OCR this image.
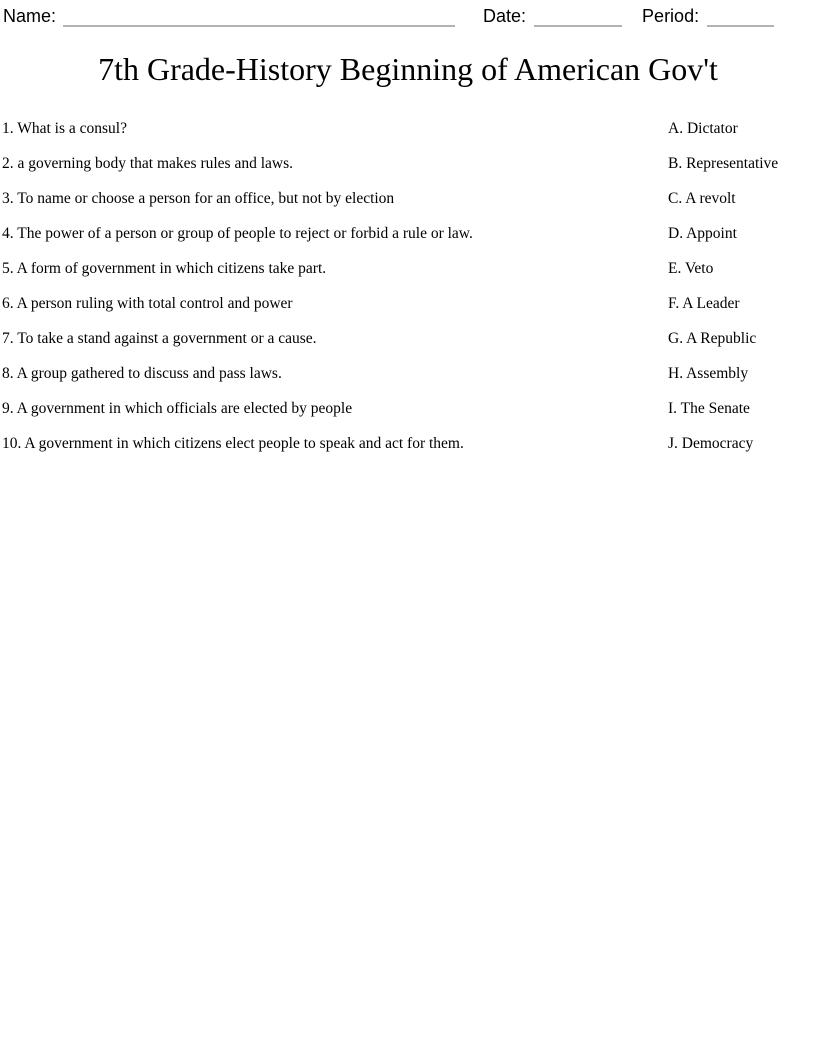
Name:	Date:	Period:
7th Grade-History Beginning of American Gov't
1. What is a consul?	A. Dictator
2. a governing body that makes rules and laws.	B. Representative
3. To name or choose a person for an office, but not by election	C. A revolt
4. The power of a person or group of people to reject or forbid a rule or law.	D. Appoint
5. A form of government in which citizens take part.	E. Veto
6. A person ruling with total control and power	F. A Leader
7. To take a stand against a government or a cause.	G. A Republic
8. A group gathered to discuss and pass laws.	H. Assembly
9. A government in which officials are elected by people	I. The Senate
10. A government in which citizens elect people to speak and act for them.	J. Democracy
